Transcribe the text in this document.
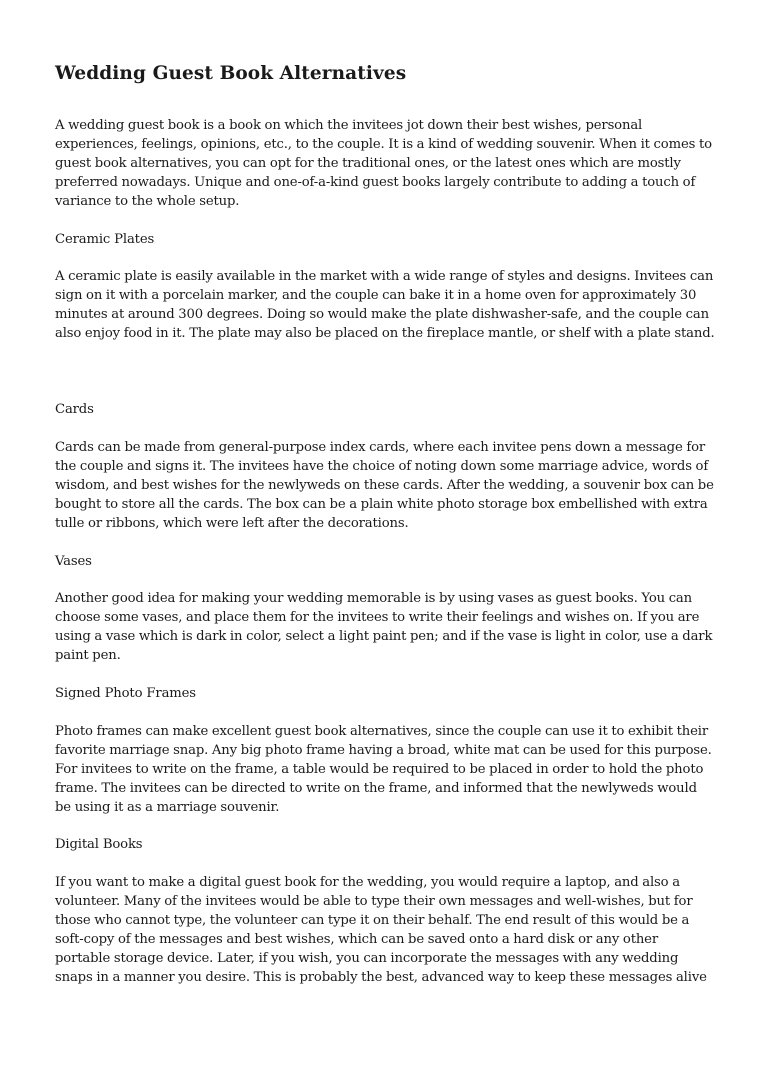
Wedding Guest Book Alternatives

A wedding guest book is a book on which the invitees jot down their best wishes, personal experiences, feelings, opinions, etc., to the couple. It is a kind of wedding souvenir. When it comes to guest book alternatives, you can opt for the traditional ones, or the latest ones which are mostly preferred nowadays. Unique and one-of-a-kind guest books largely contribute to adding a touch of variance to the whole setup.

Ceramic Plates

A ceramic plate is easily available in the market with a wide range of styles and designs. Invitees can sign on it with a porcelain marker, and the couple can bake it in a home oven for approximately 30 minutes at around 300 degrees. Doing so would make the plate dishwasher-safe, and the couple can also enjoy food in it. The plate may also be placed on the fireplace mantle, or shelf with a plate stand.

Cards

Cards can be made from general-purpose index cards, where each invitee pens down a message for the couple and signs it. The invitees have the choice of noting down some marriage advice, words of wisdom, and best wishes for the newlyweds on these cards. After the wedding, a souvenir box can be bought to store all the cards. The box can be a plain white photo storage box embellished with extra tulle or ribbons, which were left after the decorations.

Vases

Another good idea for making your wedding memorable is by using vases as guest books. You can choose some vases, and place them for the invitees to write their feelings and wishes on. If you are using a vase which is dark in color, select a light paint pen; and if the vase is light in color, use a dark paint pen.

Signed Photo Frames

Photo frames can make excellent guest book alternatives, since the couple can use it to exhibit their favorite marriage snap. Any big photo frame having a broad, white mat can be used for this purpose. For invitees to write on the frame, a table would be required to be placed in order to hold the photo frame. The invitees can be directed to write on the frame, and informed that the newlyweds would be using it as a marriage souvenir.

Digital Books

If you want to make a digital guest book for the wedding, you would require a laptop, and also a volunteer. Many of the invitees would be able to type their own messages and well-wishes, but for those who cannot type, the volunteer can type it on their behalf. The end result of this would be a soft-copy of the messages and best wishes, which can be saved onto a hard disk or any other portable storage device. Later, if you wish, you can incorporate the messages with any wedding snaps in a manner you desire. This is probably the best, advanced way to keep these messages alive
